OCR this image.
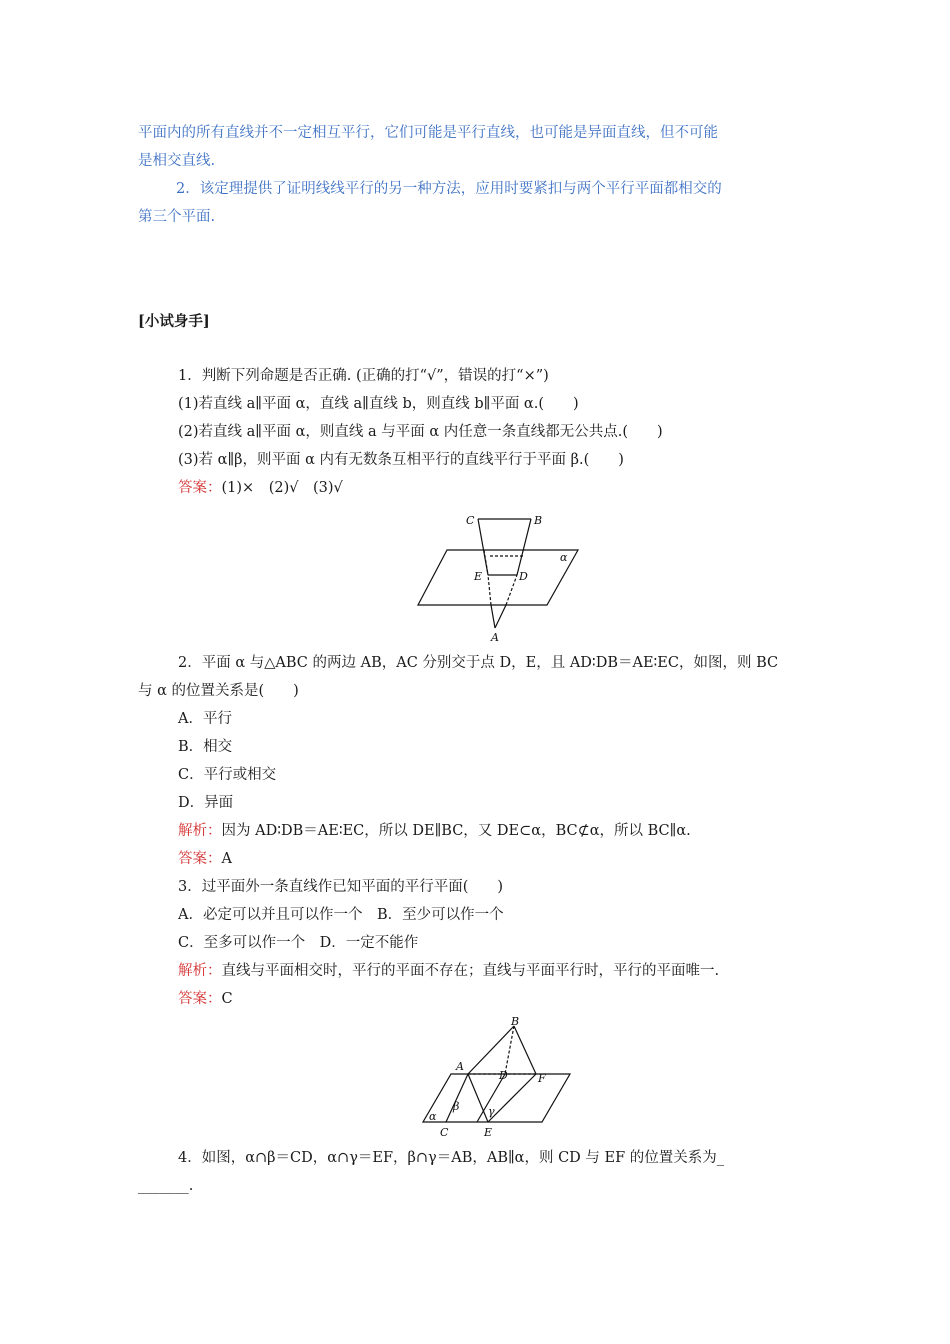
平面内的所有直线并不一定相互平行，它们可能是平行直线，也可能是异面直线，但不可能
是相交直线.
2．该定理提供了证明线线平行的另一种方法，应用时要紧扣与两个平行平面都相交的
第三个平面.
[小试身手]
1．判断下列命题是否正确. (正确的打“√”，错误的打“×”)
(1)若直线 a∥平面 α，直线 a∥直线 b，则直线 b∥平面 α.(　　)
(2)若直线 a∥平面 α，则直线 a 与平面 α 内任意一条直线都无公共点.(　　)
(3)若 α∥β，则平面 α 内有无数条互相平行的直线平行于平面 β.(　　)
答案：(1)×　(2)√　(3)√
C	B
α
E	D
A
2．平面 α 与△ABC 的两边 AB，AC 分别交于点 D，E，且 AD∶DB＝AE∶EC，如图，则 BC
与 α 的位置关系是(　　)
A．平行
B．相交
C．平行或相交
D．异面
解析：因为 AD∶DB＝AE∶EC，所以 DE∥BC，又 DE⊂α，BC⊄α，所以 BC∥α.
答案：A
3．过平面外一条直线作已知平面的平行平面(　　)
A．必定可以并且可以作一个　B．至少可以作一个
C．至多可以作一个　D．一定不能作
解析：直线与平面相交时，平行的平面不存在；直线与平面平行时，平行的平面唯一.
答案：C
B
A
D	F
α
β	γ
C	E
4．如图，α∩β＝CD，α∩γ＝EF，β∩γ＝AB，AB∥α，则 CD 与 EF 的位置关系为_
_______.
